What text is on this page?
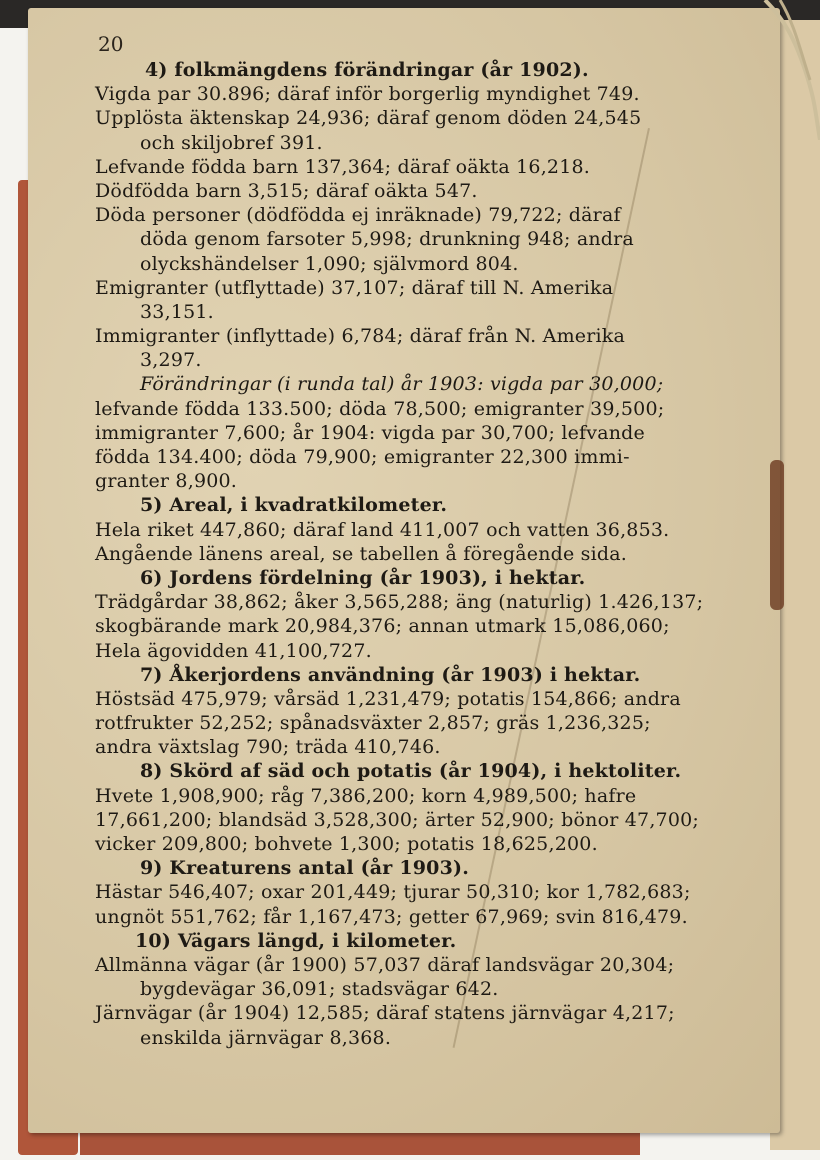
20
4) folkmängdens förändringar (år 1902).
Vigda par 30.896; däraf inför borgerlig myndighet 749.
Upplösta äktenskap 24,936; däraf genom döden 24,545
och skiljobref 391.
Lefvande födda barn 137,364; däraf oäkta 16,218.
Dödfödda barn 3,515; däraf oäkta 547.
Döda personer (dödfödda ej inräknade) 79,722; däraf
döda genom farsoter 5,998; drunkning 948; andra
olyckshändelser 1,090; självmord 804.
Emigranter (utflyttade) 37,107; däraf till N. Amerika
33,151.
Immigranter (inflyttade) 6,784; däraf från N. Amerika
3,297.
Förändringar (i runda tal) år 1903: vigda par 30,000;
lefvande födda 133.500; döda 78,500; emigranter 39,500;
immigranter 7,600; år 1904: vigda par 30,700; lefvande
födda 134.400; döda 79,900; emigranter 22,300 immi-
granter 8,900.
5) Areal, i kvadratkilometer.
Hela riket 447,860; däraf land 411,007 och vatten 36,853.
Angående länens areal, se tabellen å föregående sida.
6) Jordens fördelning (år 1903), i hektar.
Trädgårdar 38,862; åker 3,565,288; äng (naturlig) 1.426,137;
skogbärande mark 20,984,376; annan utmark 15,086,060;
Hela ägovidden 41,100,727.
7) Åkerjordens användning (år 1903) i hektar.
Höstsäd 475,979; vårsäd 1,231,479; potatis 154,866; andra
rotfrukter 52,252; spånadsväxter 2,857; gräs 1,236,325;
andra växtslag 790; träda 410,746.
8) Skörd af säd och potatis (år 1904), i hektoliter.
Hvete 1,908,900; råg 7,386,200; korn 4,989,500; hafre
17,661,200; blandsäd 3,528,300; ärter 52,900; bönor 47,700;
vicker 209,800; bohvete 1,300; potatis 18,625,200.
9) Kreaturens antal (år 1903).
Hästar 546,407; oxar 201,449; tjurar 50,310; kor 1,782,683;
ungnöt 551,762; får 1,167,473; getter 67,969; svin 816,479.
10) Vägars längd, i kilometer.
Allmänna vägar (år 1900) 57,037 däraf landsvägar 20,304;
bygdevägar 36,091; stadsvägar 642.
Järnvägar (år 1904) 12,585; däraf statens järnvägar 4,217;
enskilda järnvägar 8,368.
